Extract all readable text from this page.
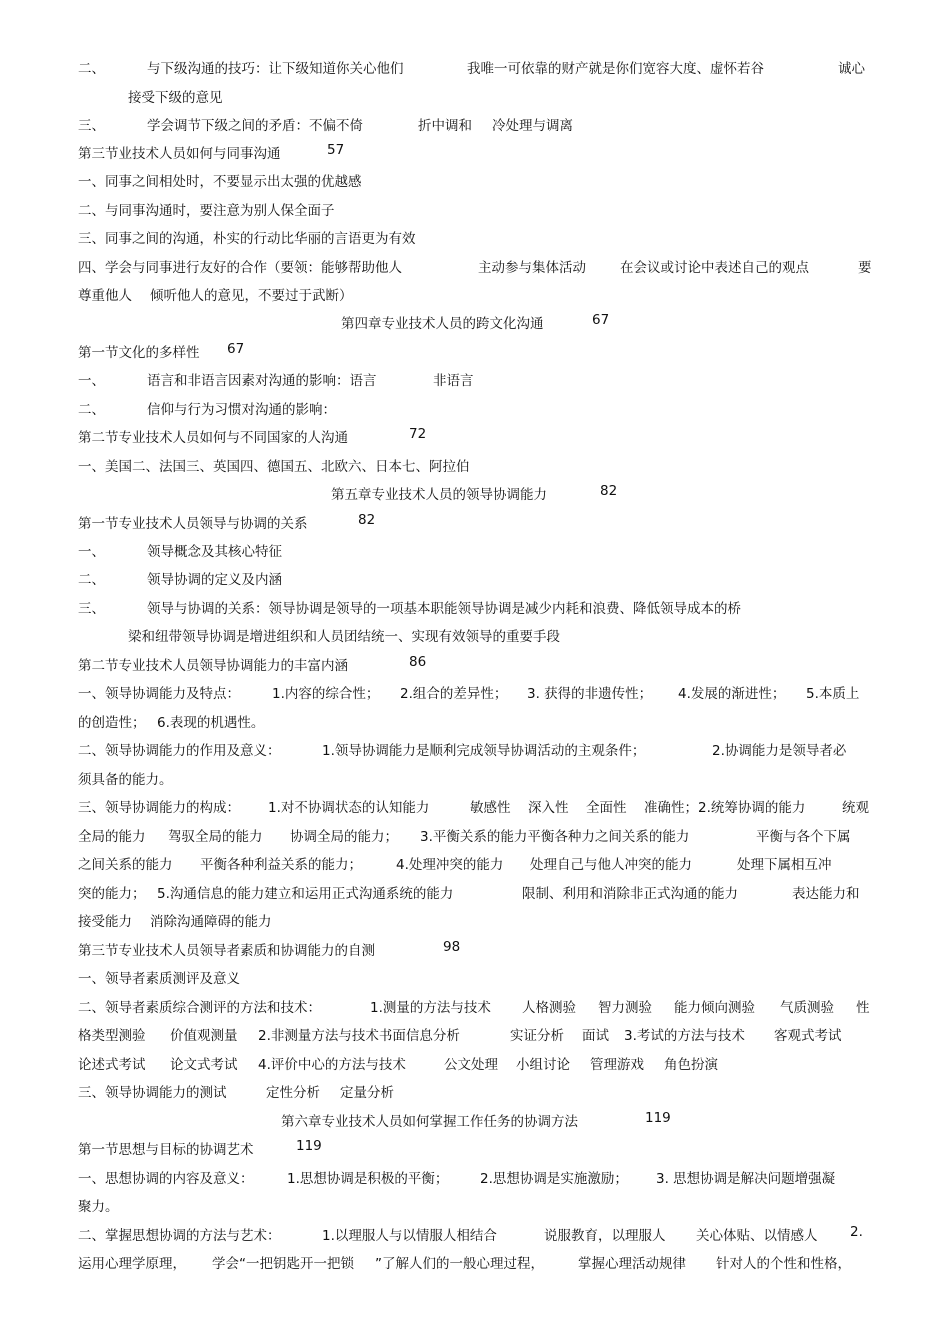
二、	与下级沟通的技巧：让下级知道你关心他们	我唯一可依靠的财产就是你们宽容大度、虚怀若谷	诚心
接受下级的意见
三、	学会调节下级之间的矛盾：不偏不倚	折中调和 冷处理与调离
第三节业技术人员如何与同事沟通	57
一、同事之间相处时，不要显示出太强的优越感
二、与同事沟通时，要注意为别人保全面子
三、同事之间的沟通，朴实的行动比华丽的言语更为有效
四、学会与同事进行友好的合作（要领：能够帮助他人	主动参与集体活动	在会议或讨论中表述自己的观点	要
尊重他人 倾听他人的意见，不要过于武断）
第四章专业技术人员的跨文化沟通	67
第一节文化的多样性 67
一、	语言和非语言因素对沟通的影响：语言	非语言
二、	信仰与行为习惯对沟通的影响：
第二节专业技术人员如何与不同国家的人沟通	72
一、美国二、法国三、英国四、德国五、北欧六、日本七、阿拉伯
第五章专业技术人员的领导协调能力	82
第一节专业技术人员领导与协调的关系	82
一、	领导概念及其核心特征
二、	领导协调的定义及内涵
三、	领导与协调的关系：领导协调是领导的一项基本职能领导协调是减少内耗和浪费、降低领导成本的桥
梁和纽带领导协调是增进组织和人员团结统一、实现有效领导的重要手段
第二节专业技术人员领导协调能力的丰富内涵	86
一、领导协调能力及特点： 1.内容的综合性； 2.组合的差异性； 3. 获得的非遗传性； 4.发展的渐进性； 5.本质上
的创造性； 6.表现的机遇性。
二、领导协调能力的作用及意义：	1.领导协调能力是顺利完成领导协调活动的主观条件；	2.协调能力是领导者必
须具备的能力。
三、领导协调能力的构成： 1.对不协调状态的认知能力	敏感性 深入性 全面性 准确性；2.统筹协调的能力	统观
全局的能力 驾驭全局的能力 协调全局的能力； 3.平衡关系的能力平衡各种力之间关系的能力	平衡与各个下属
之间关系的能力 平衡各种利益关系的能力；	4.处理冲突的能力 处理自己与他人冲突的能力	处理下属相互冲
突的能力； 5.沟通信息的能力建立和运用正式沟通系统的能力	限制、利用和消除非正式沟通的能力	表达能力和
接受能力 消除沟通障碍的能力
第三节专业技术人员领导者素质和协调能力的自测	98
一、领导者素质测评及意义
二、领导者素质综合测评的方法和技术：	1.测量的方法与技术 人格测验 智力测验 能力倾向测验 气质测验 性
格类型测验 价值观测量 2.非测量方法与技术书面信息分析	实证分析 面试 3.考试的方法与技术 客观式考试
论述式考试 论文式考试 4.评价中心的方法与技术	公文处理 小组讨论 管理游戏 角色扮演
三、领导协调能力的测试	定性分析 定量分析
第六章专业技术人员如何掌握工作任务的协调方法	119
第一节思想与目标的协调艺术	119
一、思想协调的内容及意义： 1.思想协调是积极的平衡； 2.思想协调是实施激励； 3. 思想协调是解决问题增强凝
聚力。
二、掌握思想协调的方法与艺术：	1.以理服人与以情服人相结合	说服教育，以理服人 关心体贴、以情感人 2.
运用心理学原理， 学会“一把钥匙开一把锁 ”了解人们的一般心理过程，	掌握心理活动规律 针对人的个性和性格，
